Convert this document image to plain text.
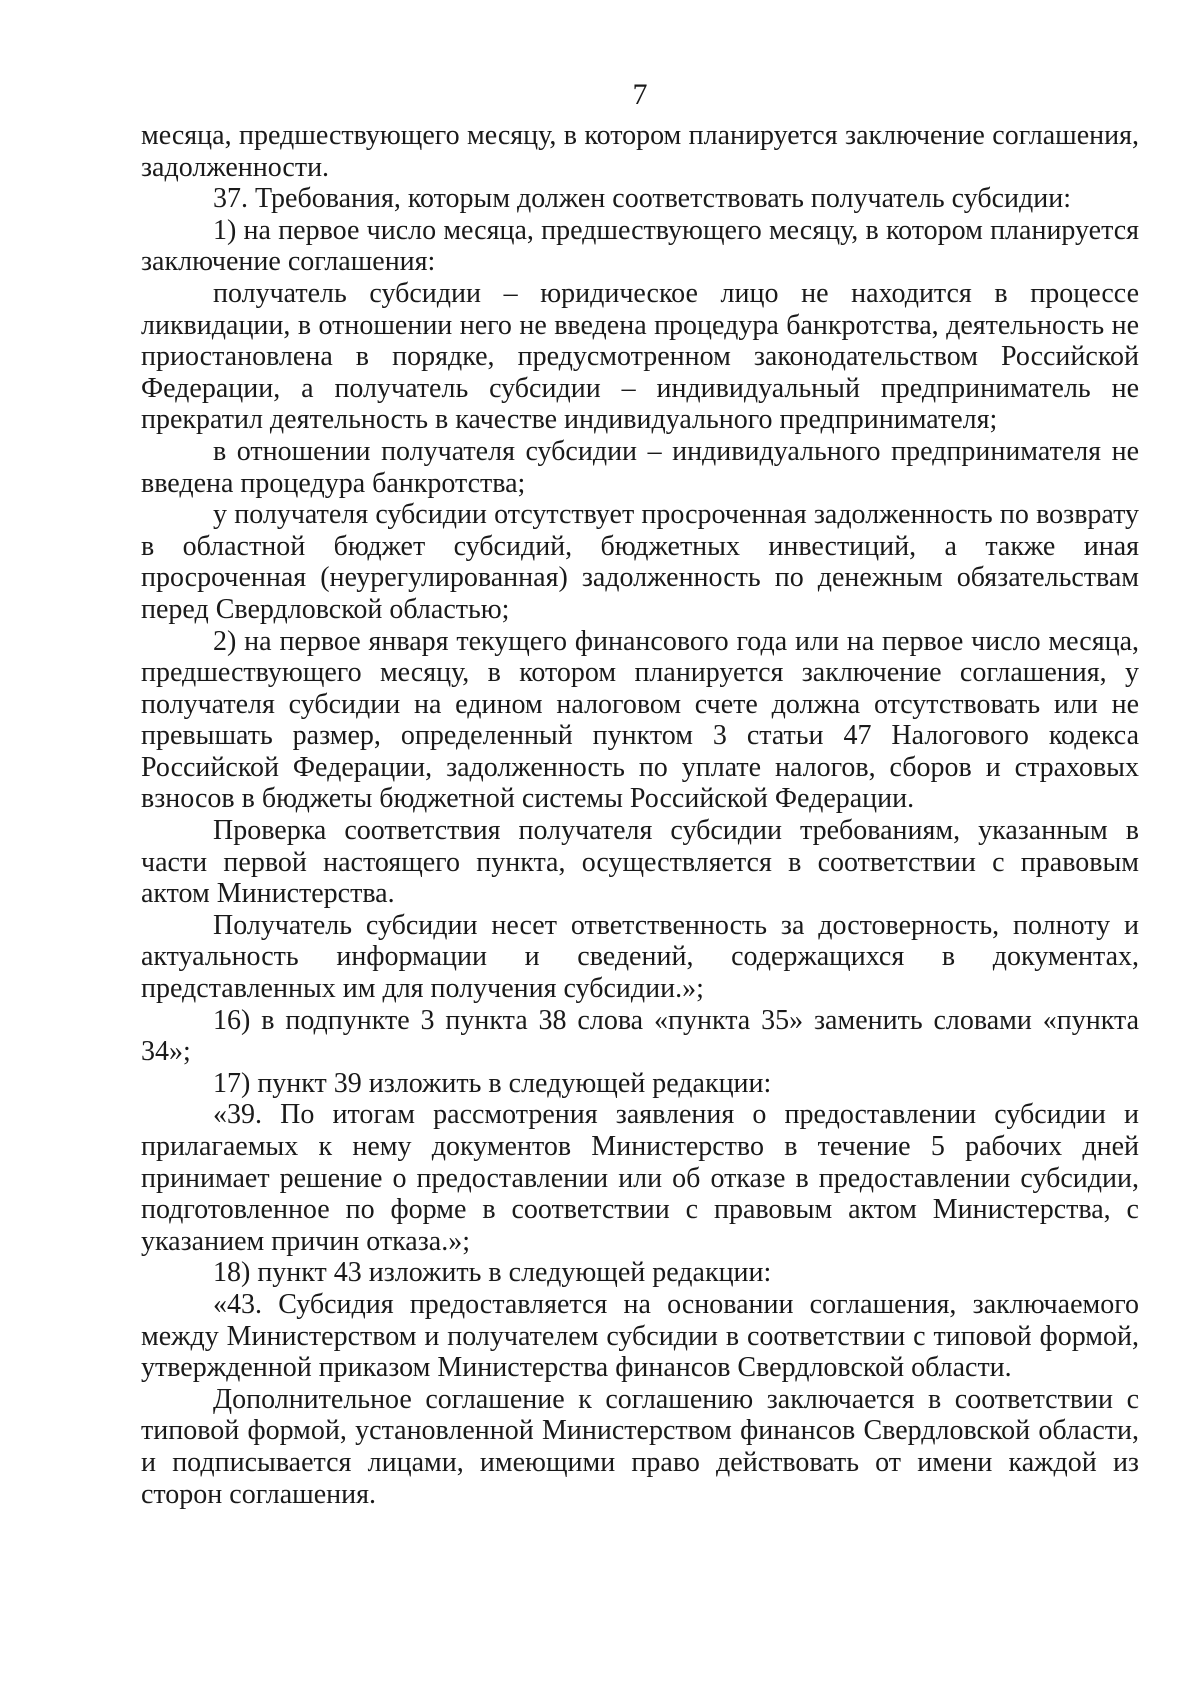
7

месяца, предшествующего месяцу, в котором планируется заключение соглашения, задолженности.

37. Требования, которым должен соответствовать получатель субсидии:

1) на первое число месяца, предшествующего месяцу, в котором планируется заключение соглашения:

получатель субсидии – юридическое лицо не находится в процессе ликвидации, в отношении него не введена процедура банкротства, деятельность не приостановлена в порядке, предусмотренном законодательством Российской Федерации, а получатель субсидии – индивидуальный предприниматель не прекратил деятельность в качестве индивидуального предпринимателя;

в отношении получателя субсидии – индивидуального предпринимателя не введена процедура банкротства;

у получателя субсидии отсутствует просроченная задолженность по возврату в областной бюджет субсидий, бюджетных инвестиций, а также иная просроченная (неурегулированная) задолженность по денежным обязательствам перед Свердловской областью;

2) на первое января текущего финансового года или на первое число месяца, предшествующего месяцу, в котором планируется заключение соглашения, у получателя субсидии на едином налоговом счете должна отсутствовать или не превышать размер, определенный пунктом 3 статьи 47 Налогового кодекса Российской Федерации, задолженность по уплате налогов, сборов и страховых взносов в бюджеты бюджетной системы Российской Федерации.

Проверка соответствия получателя субсидии требованиям, указанным в части первой настоящего пункта, осуществляется в соответствии с правовым актом Министерства.

Получатель субсидии несет ответственность за достоверность, полноту и актуальность информации и сведений, содержащихся в документах, представленных им для получения субсидии.»;

16) в подпункте 3 пункта 38 слова «пункта 35» заменить словами «пункта 34»;

17) пункт 39 изложить в следующей редакции:

«39. По итогам рассмотрения заявления о предоставлении субсидии и прилагаемых к нему документов Министерство в течение 5 рабочих дней принимает решение о предоставлении или об отказе в предоставлении субсидии, подготовленное по форме в соответствии с правовым актом Министерства, с указанием причин отказа.»;

18) пункт 43 изложить в следующей редакции:

«43. Субсидия предоставляется на основании соглашения, заключаемого между Министерством и получателем субсидии в соответствии с типовой формой, утвержденной приказом Министерства финансов Свердловской области.

Дополнительное соглашение к соглашению заключается в соответствии с типовой формой, установленной Министерством финансов Свердловской области, и подписывается лицами, имеющими право действовать от имени каждой из сторон соглашения.
